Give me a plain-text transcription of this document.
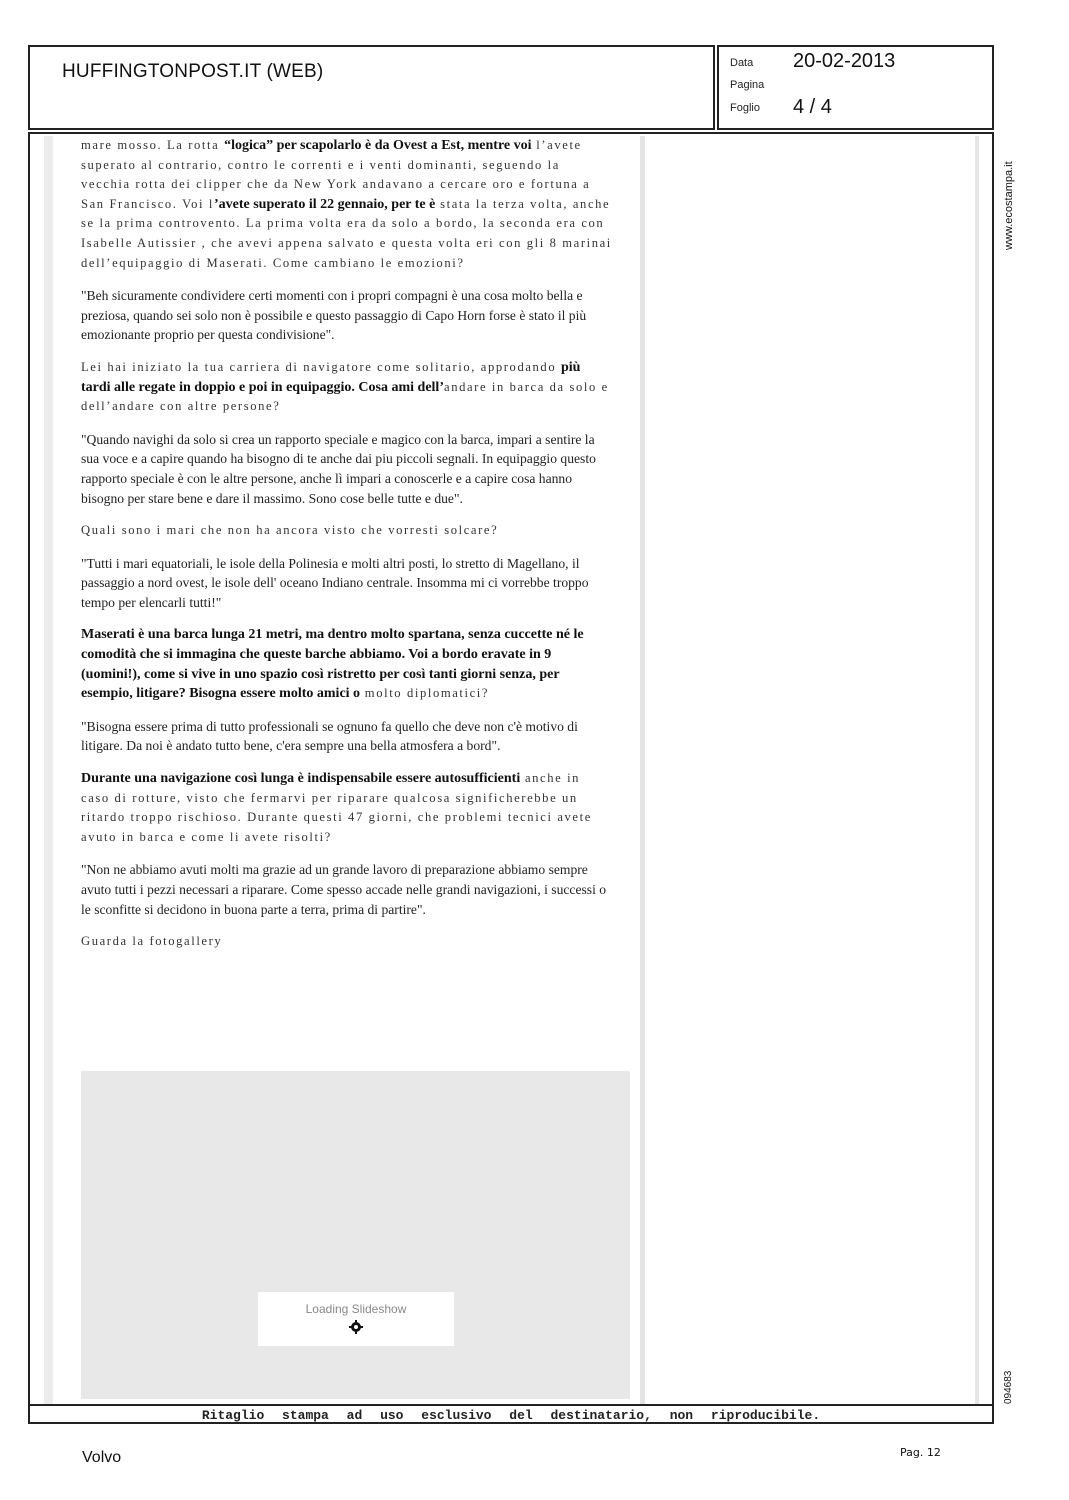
HUFFINGTONPOST.IT (WEB)	Data 20-02-2013
Pagina
Foglio 4 / 4

mare mosso. La rotta “logica” per scapolarlo è da Ovest a Est, mentre voi l’avete superato al contrario, contro le correnti e i venti dominanti, seguendo la vecchia rotta dei clipper che da New York andavano a cercare oro e fortuna a San Francisco. Voi l’avete superato il 22 gennaio, per te è stata la terza volta, anche se la prima controvento. La prima volta era da solo a bordo, la seconda era con Isabelle Autissier , che avevi appena salvato e questa volta eri con gli 8 marinai dell’equipaggio di Maserati. Come cambiano le emozioni?

"Beh sicuramente condividere certi momenti con i propri compagni è una cosa molto bella e preziosa, quando sei solo non è possibile e questo passaggio di Capo Horn forse è stato il più emozionante proprio per questa condivisione".

Lei hai iniziato la tua carriera di navigatore come solitario, approdando più tardi alle regate in doppio e poi in equipaggio. Cosa ami dell’andare in barca da solo e dell’andare con altre persone?

"Quando navighi da solo si crea un rapporto speciale e magico con la barca, impari a sentire la sua voce e a capire quando ha bisogno di te anche dai piu piccoli segnali. In equipaggio questo rapporto speciale è con le altre persone, anche lì impari a conoscerle e a capire cosa hanno bisogno per stare bene e dare il massimo. Sono cose belle tutte e due".

Quali sono i mari che non ha ancora visto che vorresti solcare?

"Tutti i mari equatoriali, le isole della Polinesia e molti altri posti, lo stretto di Magellano, il passaggio a nord ovest, le isole dell' oceano Indiano centrale. Insomma mi ci vorrebbe troppo tempo per elencarli tutti!"

Maserati è una barca lunga 21 metri, ma dentro molto spartana, senza cuccette né le comodità che si immagina che queste barche abbiamo. Voi a bordo eravate in 9 (uomini!), come si vive in uno spazio così ristretto per così tanti giorni senza, per esempio, litigare? Bisogna essere molto amici o molto diplomatici?

"Bisogna essere prima di tutto professionali se ognuno fa quello che deve non c'è motivo di litigare. Da noi è andato tutto bene, c'era sempre una bella atmosfera a bord".

Durante una navigazione così lunga è indispensabile essere autosufficienti anche in caso di rotture, visto che fermarvi per riparare qualcosa significherebbe un ritardo troppo rischioso. Durante questi 47 giorni, che problemi tecnici avete avuto in barca e come li avete risolti?

"Non ne abbiamo avuti molti ma grazie ad un grande lavoro di preparazione abbiamo sempre avuto tutti i pezzi necessari a riparare. Come spesso accade nelle grandi navigazioni, i successi o le sconfitte si decidono in buona parte a terra, prima di partire".

Guarda la fotogallery

Loading Slideshow
Ritaglio stampa ad uso esclusivo del destinatario, non riproducibile.
www.ecostampa.it
094683
Volvo	Pag. 12
